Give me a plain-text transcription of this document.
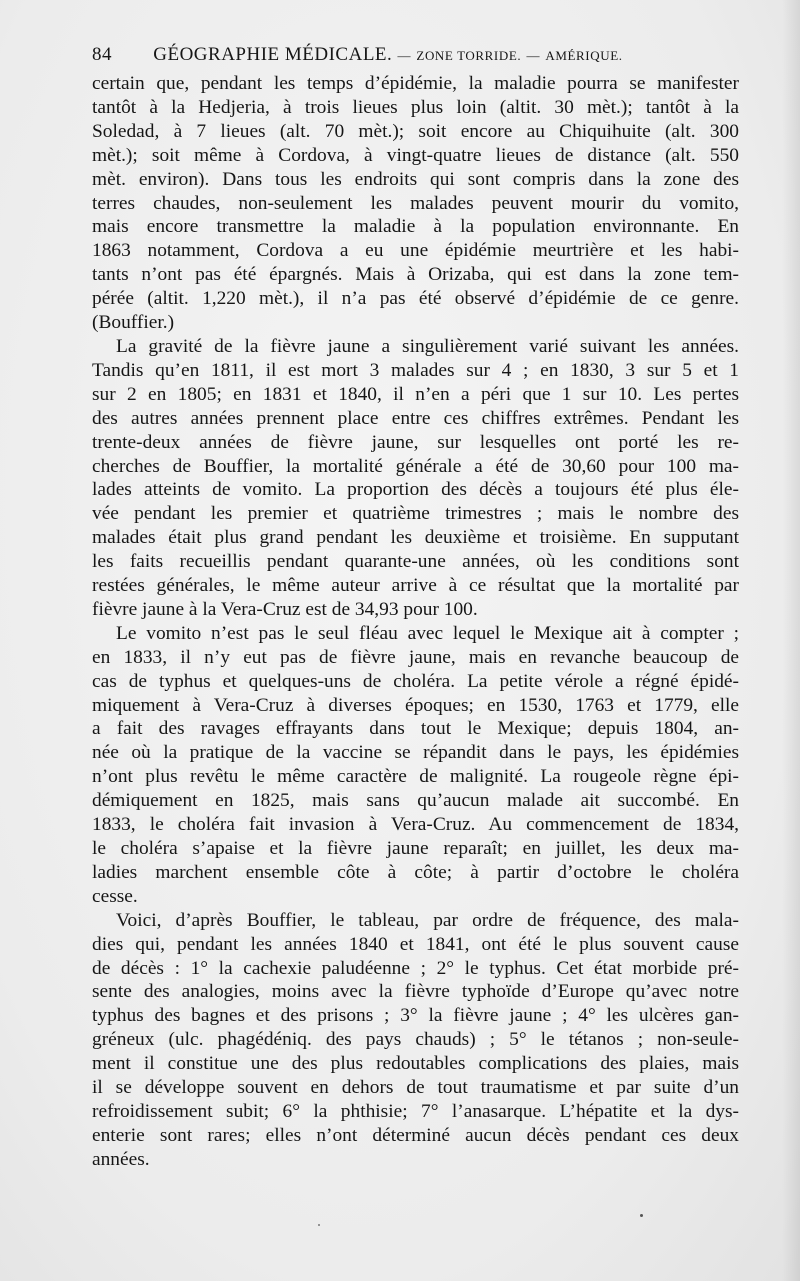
84 GÉOGRAPHIE MÉDICALE. — ZONE TORRIDE. — AMÉRIQUE.
certain que, pendant les temps d’épidémie, la maladie pourra se manifester
tantôt à la Hedjeria, à trois lieues plus loin (altit. 30 mèt.); tantôt à la
Soledad, à 7 lieues (alt. 70 mèt.); soit encore au Chiquihuite (alt. 300
mèt.); soit même à Cordova, à vingt-quatre lieues de distance (alt. 550
mèt. environ). Dans tous les endroits qui sont compris dans la zone des
terres chaudes, non-seulement les malades peuvent mourir du vomito,
mais encore transmettre la maladie à la population environnante. En
1863 notamment, Cordova a eu une épidémie meurtrière et les habi-
tants n’ont pas été épargnés. Mais à Orizaba, qui est dans la zone tem-
pérée (altit. 1,220 mèt.), il n’a pas été observé d’épidémie de ce genre.
(Bouffier.)
La gravité de la fièvre jaune a singulièrement varié suivant les années.
Tandis qu’en 1811, il est mort 3 malades sur 4 ; en 1830, 3 sur 5 et 1
sur 2 en 1805; en 1831 et 1840, il n’en a péri que 1 sur 10. Les pertes
des autres années prennent place entre ces chiffres extrêmes. Pendant les
trente-deux années de fièvre jaune, sur lesquelles ont porté les re-
cherches de Bouffier, la mortalité générale a été de 30,60 pour 100 ma-
lades atteints de vomito. La proportion des décès a toujours été plus éle-
vée pendant les premier et quatrième trimestres ; mais le nombre des
malades était plus grand pendant les deuxième et troisième. En supputant
les faits recueillis pendant quarante-une années, où les conditions sont
restées générales, le même auteur arrive à ce résultat que la mortalité par
fièvre jaune à la Vera-Cruz est de 34,93 pour 100.
Le vomito n’est pas le seul fléau avec lequel le Mexique ait à compter ;
en 1833, il n’y eut pas de fièvre jaune, mais en revanche beaucoup de
cas de typhus et quelques-uns de choléra. La petite vérole a régné épidé-
miquement à Vera-Cruz à diverses époques; en 1530, 1763 et 1779, elle
a fait des ravages effrayants dans tout le Mexique; depuis 1804, an-
née où la pratique de la vaccine se répandit dans le pays, les épidémies
n’ont plus revêtu le même caractère de malignité. La rougeole règne épi-
démiquement en 1825, mais sans qu’aucun malade ait succombé. En
1833, le choléra fait invasion à Vera-Cruz. Au commencement de 1834,
le choléra s’apaise et la fièvre jaune reparaît; en juillet, les deux ma-
ladies marchent ensemble côte à côte; à partir d’octobre le choléra
cesse.
Voici, d’après Bouffier, le tableau, par ordre de fréquence, des mala-
dies qui, pendant les années 1840 et 1841, ont été le plus souvent cause
de décès : 1° la cachexie paludéenne ; 2° le typhus. Cet état morbide pré-
sente des analogies, moins avec la fièvre typhoïde d’Europe qu’avec notre
typhus des bagnes et des prisons ; 3° la fièvre jaune ; 4° les ulcères gan-
gréneux (ulc. phagédéniq. des pays chauds) ; 5° le tétanos ; non-seule-
ment il constitue une des plus redoutables complications des plaies, mais
il se développe souvent en dehors de tout traumatisme et par suite d’un
refroidissement subit; 6° la phthisie; 7° l’anasarque. L’hépatite et la dys-
enterie sont rares; elles n’ont déterminé aucun décès pendant ces deux
années.
